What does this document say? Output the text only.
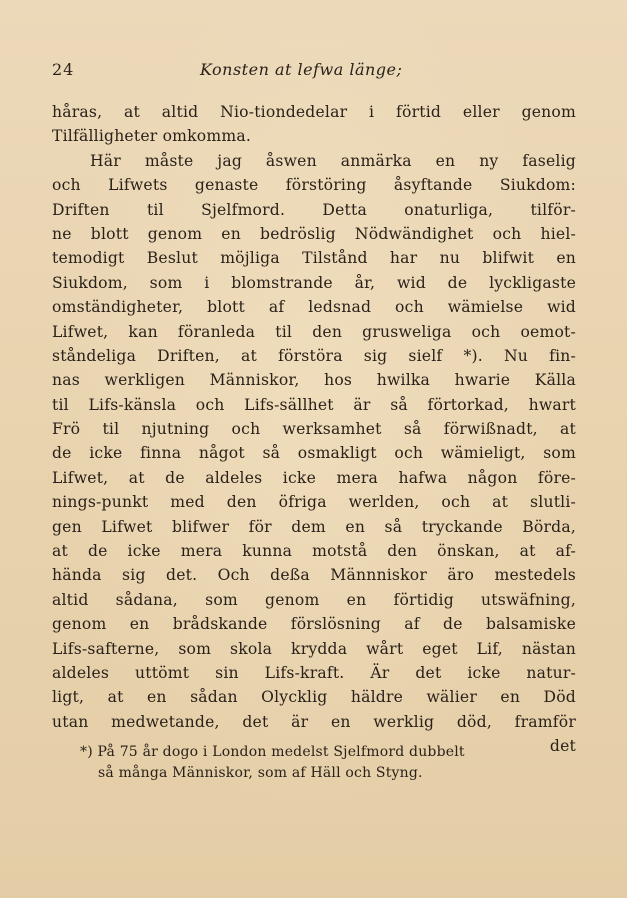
24	Konsten at lefwa länge;
håras, at altid Nio-tiondedelar i förtid eller genom
Tilfälligheter omkomma.
Här måste jag åswen anmärka en ny faselig
och Lifwets genaste förstöring åsyftande Siukdom:
Driften til Sjelfmord. Detta onaturliga, tilför-
ne blott genom en bedröslig Nödwändighet och hiel-
temodigt Beslut möjliga Tilstånd har nu blifwit en
Siukdom, som i blomstrande år, wid de lyckligaste
omständigheter, blott af ledsnad och wämielse wid
Lifwet, kan föranleda til den gruswеliga och oemot-
ståndeliga Driften, at förstöra sig sielf *). Nu fin-
nas werkligen Människor, hos hwilka hwarie Källa
til Lifs-känsla och Lifs-sällhet är så förtorkad, hwart
Frö til njutning och werksamhet så förwißnadt, at
de icke finna något så osmakligt och wämieligt, som
Lifwet, at de aldeles icke mera hafwa någon före-
nings-punkt med den öfriga werlden, och at slutli-
gen Lifwet blifwer för dem en så tryckande Börda,
at de icke mera kunna motstå den önskan, at af-
hända sig det. Och deßa Männniskor äro mestedels
altid sådana, som genom en förtidig utswäfning,
genom en brådskande förslösning af de balsamiske
Lifs-safterne, som skola krydda wårt eget Lif, nästan
aldeles uttömt sin Lifs-kraft. Är det icke natur-
ligt, at en sådan Olycklig häldre wälier en Död
utan medwetande, det är en werklig död, framför
det
*) På 75 år dogo i London medelst Sjelfmord dubbelt
så många Människor, som af Häll och Styng.
